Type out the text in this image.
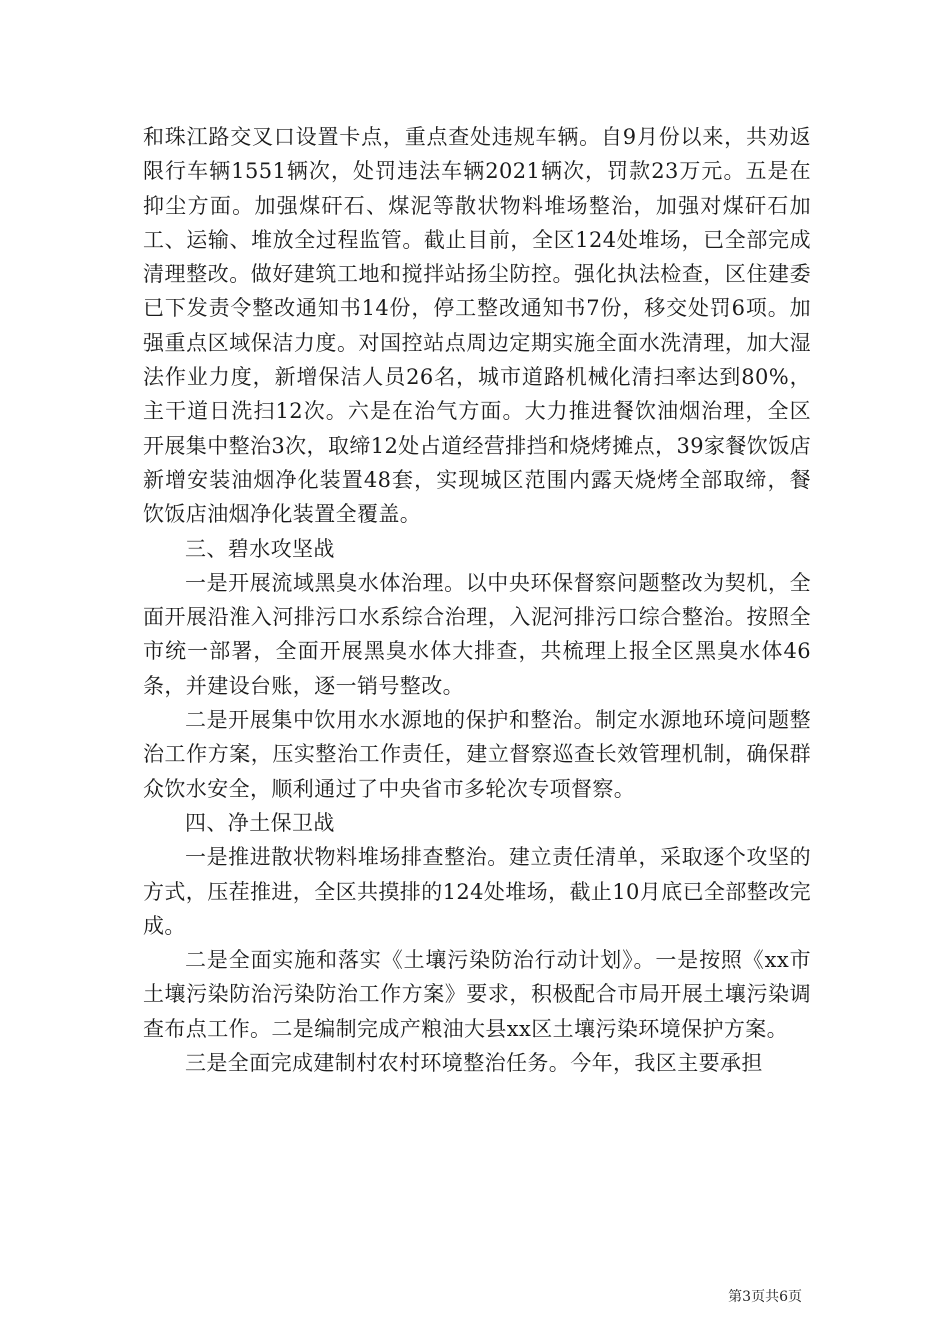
和珠江路交叉口设置卡点，重点查处违规车辆。自9月份以来，共劝返限行车辆1551辆次，处罚违法车辆2021辆次，罚款23万元。五是在抑尘方面。加强煤矸石、煤泥等散状物料堆场整治，加强对煤矸石加工、运输、堆放全过程监管。截止目前，全区124处堆场，已全部完成清理整改。做好建筑工地和搅拌站扬尘防控。强化执法检查，区住建委已下发责令整改通知书14份，停工整改通知书7份，移交处罚6项。加强重点区域保洁力度。对国控站点周边定期实施全面水洗清理，加大湿法作业力度，新增保洁人员26名，城市道路机械化清扫率达到80%，主干道日洗扫12次。六是在治气方面。大力推进餐饮油烟治理，全区开展集中整治3次，取缔12处占道经营排挡和烧烤摊点，39家餐饮饭店新增安装油烟净化装置48套，实现城区范围内露天烧烤全部取缔，餐饮饭店油烟净化装置全覆盖。

三、碧水攻坚战

一是开展流域黑臭水体治理。以中央环保督察问题整改为契机，全面开展沿淮入河排污口水系综合治理，入泥河排污口综合整治。按照全市统一部署，全面开展黑臭水体大排查，共梳理上报全区黑臭水体46条，并建设台账，逐一销号整改。

二是开展集中饮用水水源地的保护和整治。制定水源地环境问题整治工作方案，压实整治工作责任，建立督察巡查长效管理机制，确保群众饮水安全，顺利通过了中央省市多轮次专项督察。

四、净土保卫战

一是推进散状物料堆场排查整治。建立责任清单，采取逐个攻坚的方式，压茬推进，全区共摸排的124处堆场，截止10月底已全部整改完成。

二是全面实施和落实《土壤污染防治行动计划》。一是按照《xx市土壤污染防治污染防治工作方案》要求，积极配合市局开展土壤污染调查布点工作。二是编制完成产粮油大县xx区土壤污染环境保护方案。

三是全面完成建制村农村环境整治任务。今年，我区主要承担

第3页共6页
